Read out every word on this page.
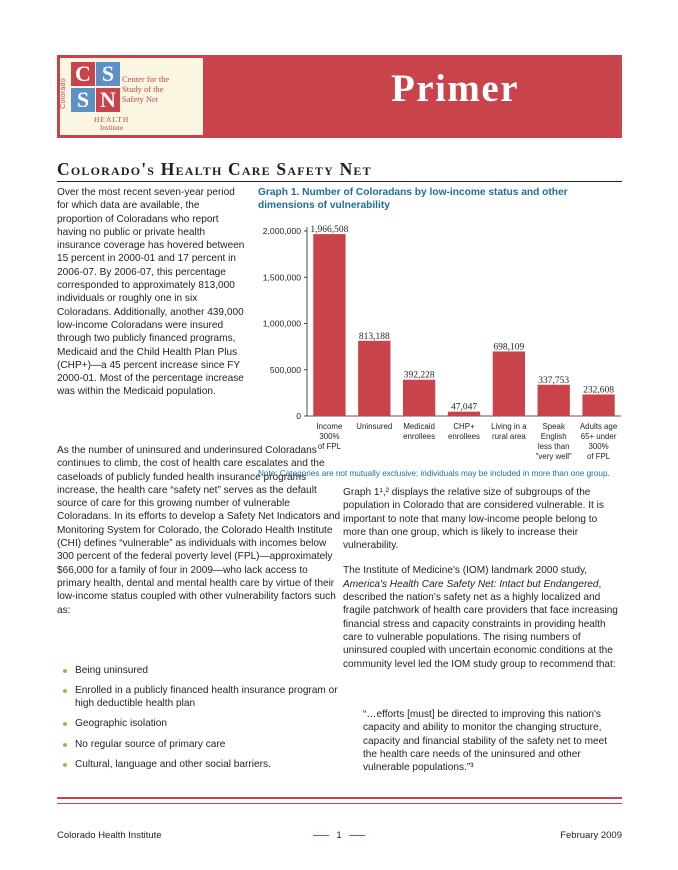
Colorado
C S
S N
Center for the
Study of the
Safety Net
HEALTH
Institute
Primer
Colorado's Health Care Safety Net

Over the most recent seven-year period for which data are available, the proportion of Coloradans who report having no public or private health insurance coverage has hovered between 15 percent in 2000-01 and 17 percent in 2006-07. By 2006-07, this percentage corresponded to approximately 813,000 individuals or roughly one in six Coloradans. Additionally, another 439,000 low-income Coloradans were insured through two publicly financed programs, Medicaid and the Child Health Plan Plus (CHP+)—a 45 percent increase since FY 2000-01. Most of the percentage increase was within the Medicaid population.

Graph 1. Number of Coloradans by low-income status and other dimensions of vulnerability
2,000,000
1,500,000
1,000,000
500,000
0
1,966,508
Income
300%
of FPL
813,188
Uninsured
392,228
Medicaid
enrollees
47,047
CHP+
enrollees
698,109
Living in a
rural area
337,753
Speak
English
less than
"very well"
232,608
Adults age
65+ under
300%
of FPL
Note: Categories are not mutually exclusive; individuals may be included in more than one group.

As the number of uninsured and underinsured Coloradans continues to climb, the cost of health care escalates and the caseloads of publicly funded health insurance programs increase, the health care “safety net” serves as the default source of care for this growing number of vulnerable Coloradans. In its efforts to develop a Safety Net Indicators and Monitoring System for Colorado, the Colorado Health Institute (CHI) defines “vulnerable” as individuals with incomes below 300 percent of the federal poverty level (FPL)—approximately $66,000 for a family of four in 2009—who lack access to primary health, dental and mental health care by virtue of their low-income status coupled with other vulnerability factors such as:

Being uninsured
Enrolled in a publicly financed health insurance program or high deductible health plan
Geographic isolation
No regular source of primary care
Cultural, language and other social barriers.

Graph 1¹,² displays the relative size of subgroups of the population in Colorado that are considered vulnerable. It is important to note that many low-income people belong to more than one group, which is likely to increase their vulnerability.

The Institute of Medicine's (IOM) landmark 2000 study, America's Health Care Safety Net: Intact but Endangered, described the nation's safety net as a highly localized and fragile patchwork of health care providers that face increasing financial stress and capacity constraints in providing health care to vulnerable populations. The rising numbers of uninsured coupled with uncertain economic conditions at the community level led the IOM study group to recommend that:

“…efforts [must] be directed to improving this nation's capacity and ability to monitor the changing structure, capacity and financial stability of the safety net to meet the health care needs of the uninsured and other vulnerable populations.”³

Colorado Health Institute	1	February 2009
